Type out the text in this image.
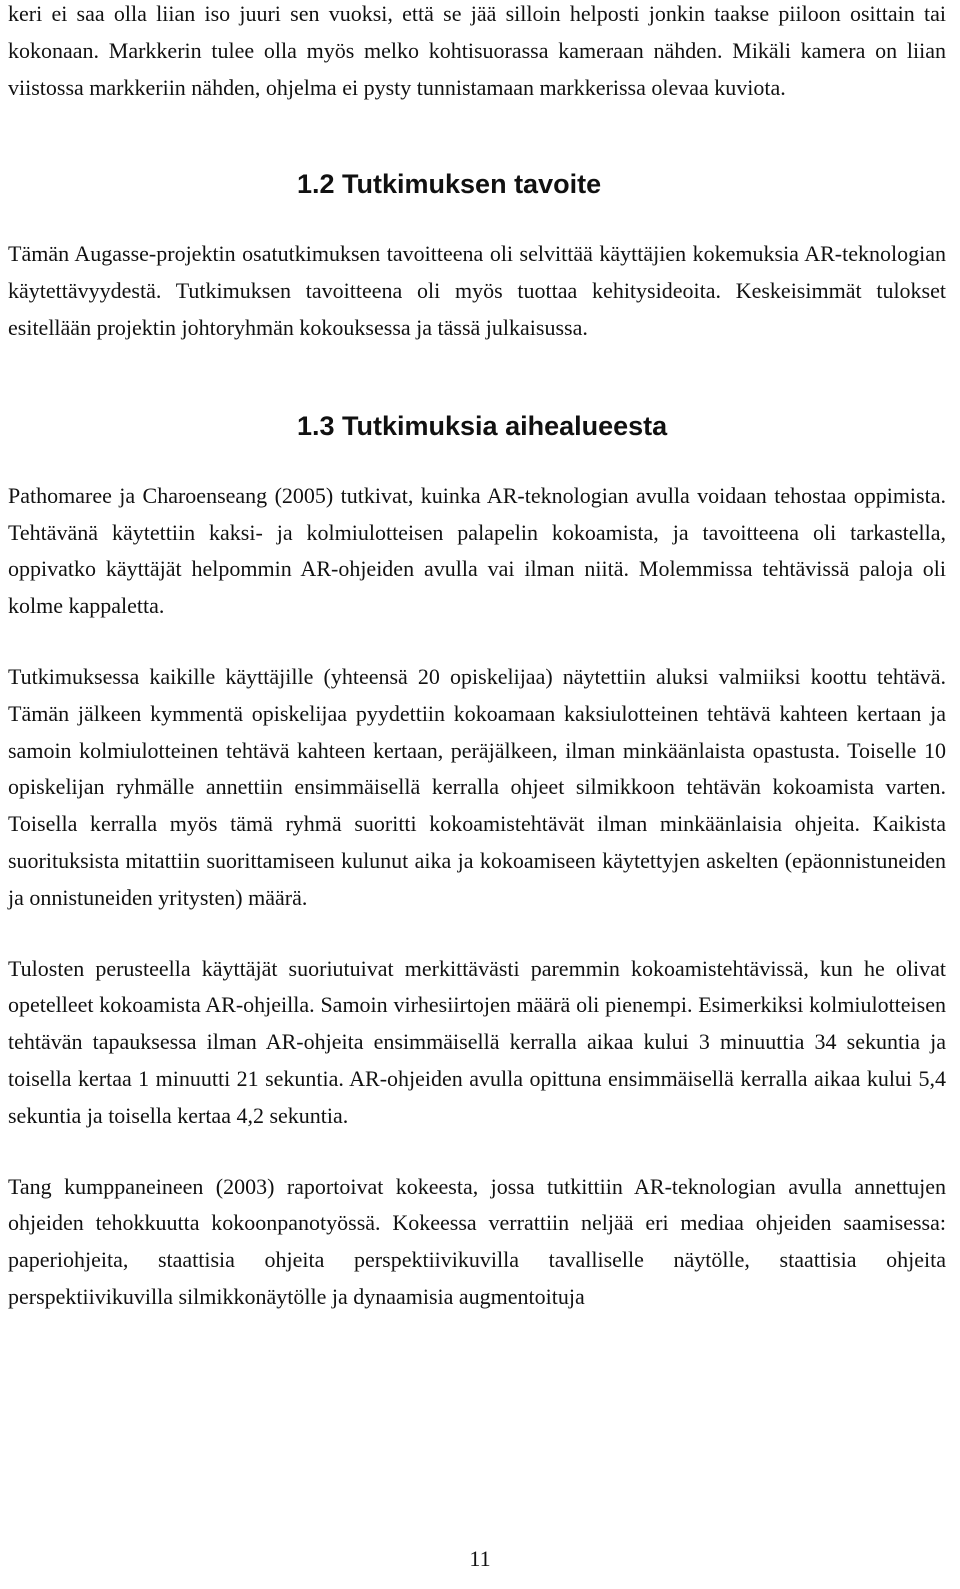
keri ei saa olla liian iso juuri sen vuoksi, että se jää silloin helposti jonkin taakse piiloon osittain tai kokonaan. Markkerin tulee olla myös melko kohtisuorassa kameraan nähden. Mikäli kamera on liian viistossa markkeriin nähden, ohjelma ei pysty tunnistamaan markkerissa olevaa kuviota.

1.2 Tutkimuksen tavoite

Tämän Augasse-projektin osatutkimuksen tavoitteena oli selvittää käyttäjien kokemuksia AR-teknologian käytettävyydestä. Tutkimuksen tavoitteena oli myös tuottaa kehitysideoita. Keskeisimmät tulokset esitellään projektin johtoryhmän kokouksessa ja tässä julkaisussa.

1.3 Tutkimuksia aihealueesta

Pathomaree ja Charoenseang (2005) tutkivat, kuinka AR-teknologian avulla voidaan tehostaa oppimista. Tehtävänä käytettiin kaksi- ja kolmiulotteisen palapelin kokoamista, ja tavoitteena oli tarkastella, oppivatko käyttäjät helpommin AR-ohjeiden avulla vai ilman niitä. Molemmissa tehtävissä paloja oli kolme kappaletta.

Tutkimuksessa kaikille käyttäjille (yhteensä 20 opiskelijaa) näytettiin aluksi valmiiksi koottu tehtävä. Tämän jälkeen kymmentä opiskelijaa pyydettiin kokoamaan kaksiulotteinen tehtävä kahteen kertaan ja samoin kolmiulotteinen tehtävä kahteen kertaan, peräjälkeen, ilman minkäänlaista opastusta. Toiselle 10 opiskelijan ryhmälle annettiin ensimmäisellä kerralla ohjeet silmikkoon tehtävän kokoamista varten. Toisella kerralla myös tämä ryhmä suoritti kokoamistehtävät ilman minkäänlaisia ohjeita. Kaikista suorituksista mitattiin suorittamiseen kulunut aika ja kokoamiseen käytettyjen askelten (epäonnistuneiden ja onnistuneiden yritysten) määrä.

Tulosten perusteella käyttäjät suoriutuivat merkittävästi paremmin kokoamistehtävissä, kun he olivat opetelleet kokoamista AR-ohjeilla. Samoin virhesiirtojen määrä oli pienempi. Esimerkiksi kolmiulotteisen tehtävän tapauksessa ilman AR-ohjeita ensimmäisellä kerralla aikaa kului 3 minuuttia 34 sekuntia ja toisella kertaa 1 minuutti 21 sekuntia. AR-ohjeiden avulla opittuna ensimmäisellä kerralla aikaa kului 5,4 sekuntia ja toisella kertaa 4,2 sekuntia.

Tang kumppaneineen (2003) raportoivat kokeesta, jossa tutkittiin AR-teknologian avulla annettujen ohjeiden tehokkuutta kokoonpanotyössä. Kokeessa verrattiin neljää eri mediaa ohjeiden saamisessa: paperiohjeita, staattisia ohjeita perspektiivikuvilla tavalliselle näytölle, staattisia ohjeita perspektiivikuvilla silmikkonäytölle ja dynaamisia augmentoituja

11
